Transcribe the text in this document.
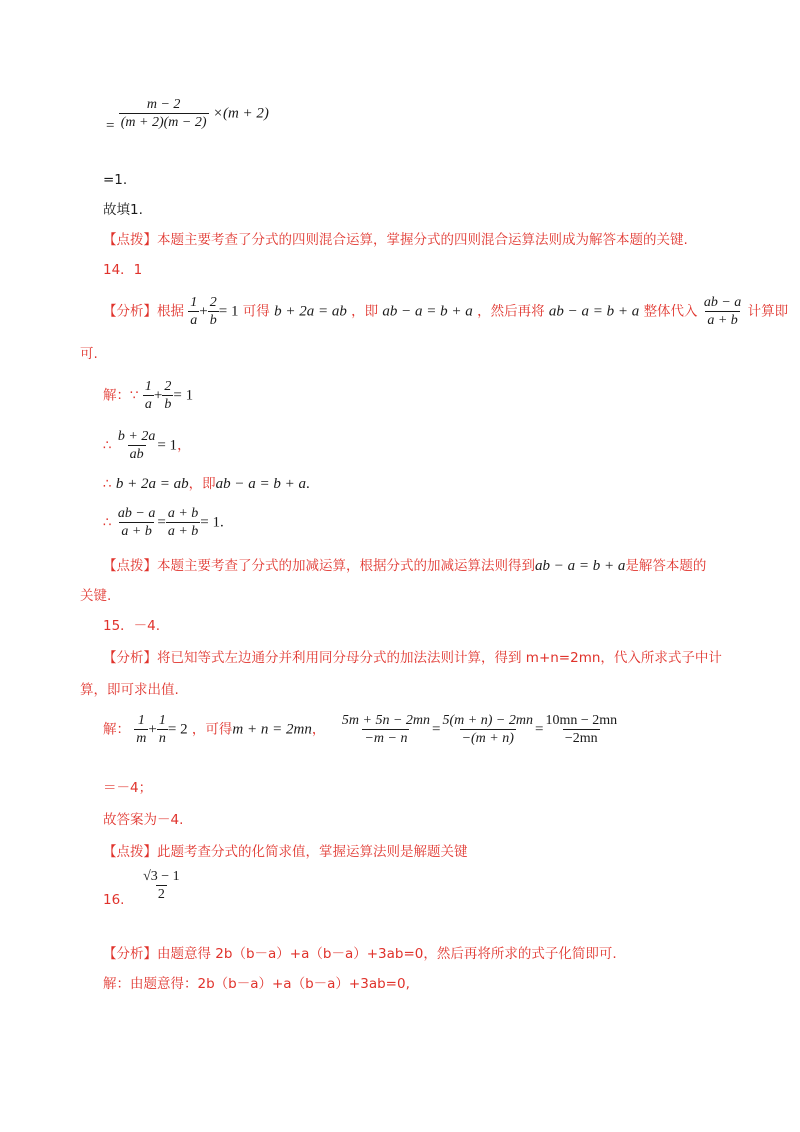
= $\frac{m - 2}{(m + 2)(m - 2)} \times(m + 2)$
=1.
故填1.
【点拨】本题主要考查了分式的四则混合运算，掌握分式的四则混合运算法则成为解答本题的关键.
14．1
【分析】根据 $\frac{1}{a} + \frac{2}{b} = 1$ 可得 b + 2a = ab ，即 ab − a = b + a ，然后再将 ab − a = b + a 整体代入 $\frac{ab - a}{a + b}$ 计算即
可.
解：∵ $\frac{1}{a} + \frac{2}{b} = 1$
∴ $\frac{b + 2a}{ab} = 1$，
∴ b + 2a = ab，即ab − a = b + a.
∴ $\frac{ab - a}{a + b} = \frac{a + b}{a + b} = 1$.
【点拨】本题主要考查了分式的加减运算，根据分式的加减运算法则得到ab − a = b + a是解答本题的
关键.
15．－4.
【分析】将已知等式左边通分并利用同分母分式的加法法则计算，得到 m+n=2mn，代入所求式子中计
算，即可求出值.
解： $\frac{1}{m} + \frac{1}{n} = 2$ ，可得m + n = 2mn， $\frac{5m + 5n - 2mn}{-m - n} = \frac{5(m + n) - 2mn}{-(m + n)} = \frac{10mn - 2mn}{-2mn}$
＝－4；
故答案为－4.
【点拨】此题考查分式的化简求值，掌握运算法则是解题关键
16. $\frac{√3 - 1}{2}$
【分析】由题意得 2b（b－a）+a（b－a）+3ab=0，然后再将所求的式子化简即可.
解：由题意得：2b（b－a）+a（b－a）+3ab=0,
